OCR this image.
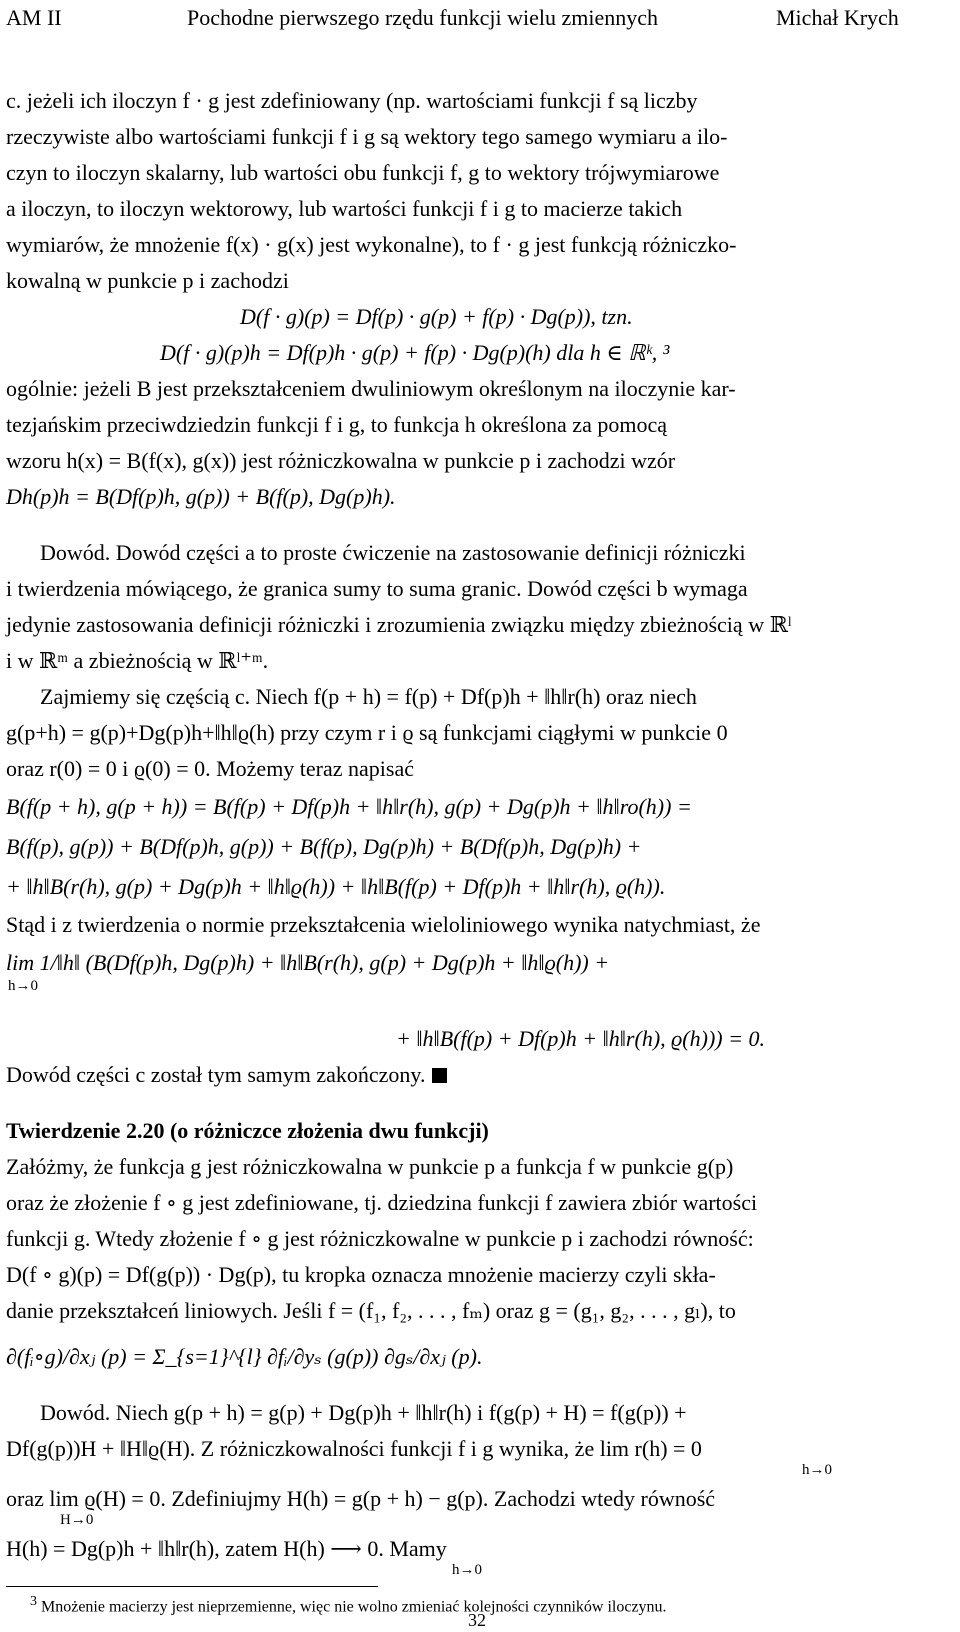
AM II	Pochodne pierwszego rzędu funkcji wielu zmiennych	Michał Krych
c. jeżeli ich iloczyn f · g jest zdefiniowany (np. wartościami funkcji f są liczby
rzeczywiste albo wartościami funkcji f i g są wektory tego samego wymiaru a ilo-
czyn to iloczyn skalarny, lub wartości obu funkcji f, g to wektory trójwymiarowe
a iloczyn, to iloczyn wektorowy, lub wartości funkcji f i g to macierze takich
wymiarów, że mnożenie f(x) · g(x) jest wykonalne), to f · g jest funkcją różniczko-
kowalną w punkcie p i zachodzi
D(f · g)(p) = Df(p) · g(p) + f(p) · Dg(p)), tzn.
D(f · g)(p)h = Df(p)h · g(p) + f(p) · Dg(p)(h) dla h ∈ ℝᵏ, ³
ogólnie: jeżeli B jest przekształceniem dwuliniowym określonym na iloczynie kar-
tezjańskim przeciwdziedzin funkcji f i g, to funkcja h określona za pomocą
wzoru h(x) = B(f(x), g(x)) jest różniczkowalna w punkcie p i zachodzi wzór
Dh(p)h = B(Df(p)h, g(p)) + B(f(p), Dg(p)h).
Dowód. Dowód części a to proste ćwiczenie na zastosowanie definicji różniczki
i twierdzenia mówiącego, że granica sumy to suma granic. Dowód części b wymaga
jedynie zastosowania definicji różniczki i zrozumienia związku między zbieżnością w ℝˡ
i w ℝᵐ a zbieżnością w ℝˡ⁺ᵐ.
Zajmiemy się częścią c. Niech f(p + h) = f(p) + Df(p)h + ‖h‖r(h) oraz niech
g(p+h) = g(p)+Dg(p)h+‖h‖ϱ(h) przy czym r i ϱ są funkcjami ciągłymi w punkcie 0
oraz r(0) = 0 i ϱ(0) = 0. Możemy teraz napisać
B(f(p + h), g(p + h)) = B(f(p) + Df(p)h + ‖h‖r(h), g(p) + Dg(p)h + ‖h‖ro(h)) =
B(f(p), g(p)) + B(Df(p)h, g(p)) + B(f(p), Dg(p)h) + B(Df(p)h, Dg(p)h) +
+ ‖h‖B(r(h), g(p) + Dg(p)h + ‖h‖ϱ(h)) + ‖h‖B(f(p) + Df(p)h + ‖h‖r(h), ϱ(h)).
Stąd i z twierdzenia o normie przekształcenia wieloliniowego wynika natychmiast, że
lim 1/‖h‖ (B(Df(p)h, Dg(p)h) + ‖h‖B(r(h), g(p) + Dg(p)h + ‖h‖ϱ(h)) +
h→0
+ ‖h‖B(f(p) + Df(p)h + ‖h‖r(h), ϱ(h))) = 0.
Dowód części c został tym samym zakończony.
Twierdzenie 2.20 (o różniczce złożenia dwu funkcji)
Załóżmy, że funkcja g jest różniczkowalna w punkcie p a funkcja f w punkcie g(p)
oraz że złożenie f ∘ g jest zdefiniowane, tj. dziedzina funkcji f zawiera zbiór wartości
funkcji g. Wtedy złożenie f ∘ g jest różniczkowalne w punkcie p i zachodzi równość:
D(f ∘ g)(p) = Df(g(p)) · Dg(p), tu kropka oznacza mnożenie macierzy czyli skła-
danie przekształceń liniowych. Jeśli f = (f₁, f₂, . . . , fₘ) oraz g = (g₁, g₂, . . . , gₗ), to
∂(fᵢ∘g)/∂xⱼ (p) = Σ_{s=1}^{l} ∂fᵢ/∂yₛ (g(p)) ∂gₛ/∂xⱼ (p).
Dowód. Niech g(p + h) = g(p) + Dg(p)h + ‖h‖r(h) i f(g(p) + H) = f(g(p)) +
Df(g(p))H + ‖H‖ϱ(H). Z różniczkowalności funkcji f i g wynika, że lim r(h) = 0
h→0
oraz lim ϱ(H) = 0. Zdefiniujmy H(h) = g(p + h) − g(p). Zachodzi wtedy równość
H→0
H(h) = Dg(p)h + ‖h‖r(h), zatem H(h) ⟶ 0. Mamy
h→0
3 Mnożenie macierzy jest nieprzemienne, więc nie wolno zmieniać kolejności czynników iloczynu.
32
